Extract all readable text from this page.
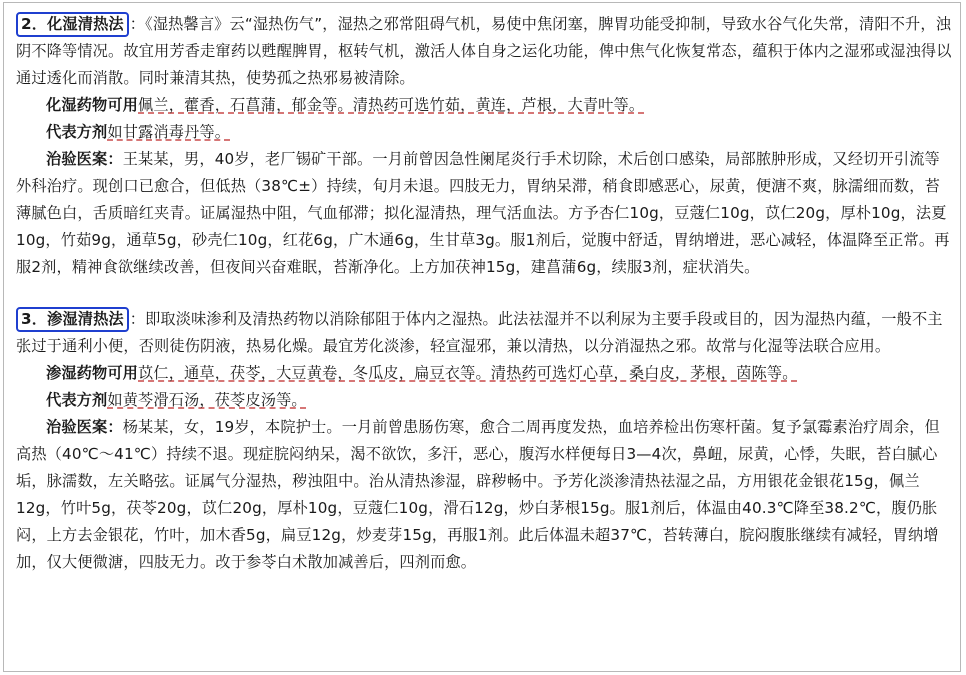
2．化湿清热法 ：《湿热馨言》云“湿热伤气”，湿热之邪常阻碍气机，易使中焦闭塞，脾胃功能受抑制，导致水谷气化失常，清阳不升，浊阴不降等情况。故宜用芳香走窜药以甦醒脾胃，枢转气机，激活人体自身之运化功能，俾中焦气化恢复常态，蕴积于体内之湿邪或湿浊得以通过透化而消散。同时兼清其热，使势孤之热邪易被清除。

化湿药物可用佩兰，藿香，石菖蒲，郁金等。清热药可选竹茹，黄连，芦根，大青叶等。

代表方剂如甘露消毒丹等。

治验医案：王某某，男，40岁，老厂锡矿干部。一月前曾因急性阑尾炎行手术切除，术后创口感染，局部脓肿形成，又经切开引流等外科治疗。现创口已愈合，但低热（38℃±）持续，旬月未退。四肢无力，胃纳呆滞，稍食即感恶心，尿黄，便溏不爽，脉濡细而数，苔薄腻色白，舌质暗红夹青。证属湿热中阻，气血郁滞；拟化湿清热，理气活血法。方予杏仁10g，豆蔻仁10g，苡仁20g，厚朴10g，法夏10g，竹茹9g，通草5g，砂壳仁10g，红花6g，广木通6g，生甘草3g。服1剂后，觉腹中舒适，胃纳增进，恶心减轻，体温降至正常。再服2剂，精神食欲继续改善，但夜间兴奋难眠，苔渐净化。上方加茯神15g，建菖蒲6g，续服3剂，症状消失。

3．渗湿清热法 ：即取淡味渗利及清热药物以消除郁阻于体内之湿热。此法祛湿并不以利尿为主要手段或目的，因为湿热内蕴，一般不主张过于通利小便，否则徒伤阴液，热易化燥。最宜芳化淡渗，轻宣湿邪，兼以清热，以分消湿热之邪。故常与化湿等法联合应用。

渗湿药物可用苡仁，通草，茯苓，大豆黄卷，冬瓜皮，扁豆衣等。清热药可选灯心草，桑白皮，茅根，茵陈等。

代表方剂如黄芩滑石汤，茯苓皮汤等。

治验医案：杨某某，女，19岁，本院护士。一月前曾患肠伤寒，愈合二周再度发热，血培养检出伤寒杆菌。复予氯霉素治疗周余，但高热（40℃～41℃）持续不退。现症脘闷纳呆，渴不欲饮，多汗，恶心，腹泻水样便每日3—4次，鼻衄，尿黄，心悸，失眠，苔白腻心垢，脉濡数，左关略弦。证属气分湿热，秽浊阻中。治从清热渗湿，辟秽畅中。予芳化淡渗清热祛湿之品，方用银花金银花15g，佩兰12g，竹叶5g，茯苓20g，苡仁20g，厚朴10g，豆蔻仁10g，滑石12g，炒白茅根15g。服1剂后，体温由40.3℃降至38.2℃，腹仍胀闷，上方去金银花，竹叶，加木香5g，扁豆12g，炒麦芽15g，再服1剂。此后体温未超37℃，苔转薄白，脘闷腹胀继续有减轻，胃纳增加，仅大便微溏，四肢无力。改于参苓白术散加减善后，四剂而愈。
